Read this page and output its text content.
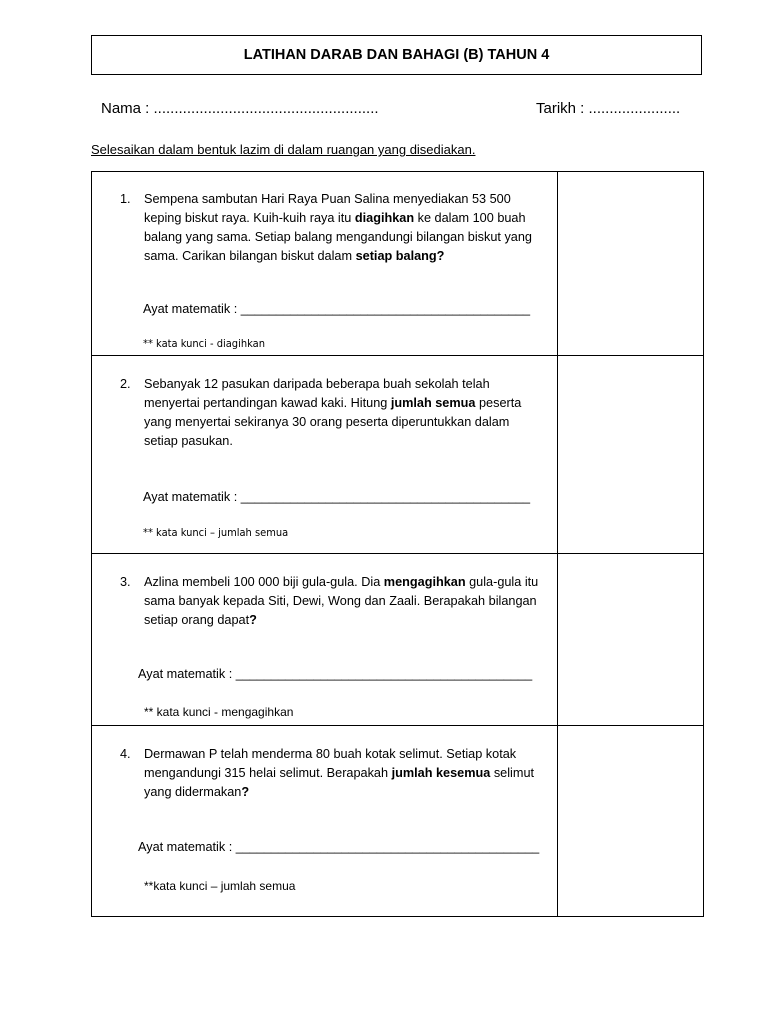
LATIHAN DARAB DAN BAHAGI (B) TAHUN 4
Nama : ......................................................	Tarikh : ......................
Selesaikan dalam bentuk lazim di dalam ruangan yang disediakan.
1. Sempena sambutan Hari Raya Puan Salina menyediakan 53 500 keping biskut raya. Kuih-kuih raya itu diagihkan ke dalam 100 buah balang yang sama. Setiap balang mengandungi bilangan biskut yang sama. Carikan bilangan biskut dalam setiap balang?
Ayat matematik : _________________________________________
** kata kunci - diagihkan	

2. Sebanyak 12 pasukan daripada beberapa buah sekolah telah menyertai pertandingan kawad kaki. Hitung jumlah semua peserta yang menyertai sekiranya 30 orang peserta diperuntukkan dalam setiap pasukan.
Ayat matematik : _________________________________________
** kata kunci – jumlah semua	

3. Azlina membeli 100 000 biji gula-gula. Dia mengagihkan gula-gula itu sama banyak kepada Siti, Dewi, Wong dan Zaali. Berapakah bilangan setiap orang dapat?
Ayat matematik : __________________________________________
** kata kunci - mengagihkan	

4. Dermawan P telah menderma 80 buah kotak selimut. Setiap kotak mengandungi 315 helai selimut. Berapakah jumlah kesemua selimut yang didermakan?
Ayat matematik : ___________________________________________
**kata kunci – jumlah semua	
